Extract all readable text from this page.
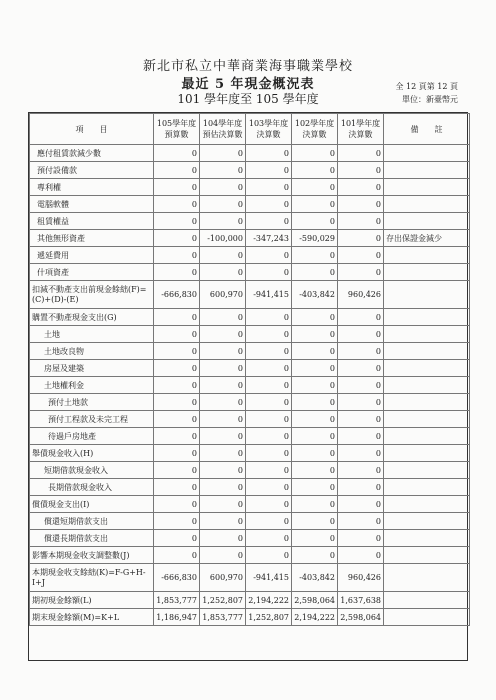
新北市私立中華商業海事職業學校
最近 5 年現金概況表
101 學年度至 105 學年度
全 12 頁第 12 頁
單位：新臺幣元
項　　目	105學年度預算數	104學年度預估決算數	103學年度決算數	102學年度決算數	101學年度決算數	備　　註
應付租賃款減少數	0	0	0	0	0	
預付設備款	0	0	0	0	0	
專利權	0	0	0	0	0	
電腦軟體	0	0	0	0	0	
租賃權益	0	0	0	0	0	
其他無形資產	0	-100,000	-347,243	-590,029	0	存出保證金減少
遞延費用	0	0	0	0	0	
什項資產	0	0	0	0	0	
扣減不動產支出前現金餘絀(F)=(C)+(D)-(E)	-666,830	600,970	-941,415	-403,842	960,426	
購置不動產現金支出(G)	0	0	0	0	0	
土地	0	0	0	0	0	
土地改良物	0	0	0	0	0	
房屋及建築	0	0	0	0	0	
土地權利金	0	0	0	0	0	
預付土地款	0	0	0	0	0	
預付工程款及未完工程	0	0	0	0	0	
待過戶房地產	0	0	0	0	0	
舉債現金收入(H)	0	0	0	0	0	
短期借款現金收入	0	0	0	0	0	
長期借款現金收入	0	0	0	0	0	
償債現金支出(I)	0	0	0	0	0	
償還短期借款支出	0	0	0	0	0	
償還長期借款支出	0	0	0	0	0	
影響本期現金收支調整數(J)	0	0	0	0	0	
本期現金收支餘絀(K)=F-G+H-I+J	-666,830	600,970	-941,415	-403,842	960,426	
期初現金餘額(L)	1,853,777	1,252,807	2,194,222	2,598,064	1,637,638	
期末現金餘額(M)=K+L	1,186,947	1,853,777	1,252,807	2,194,222	2,598,064	
